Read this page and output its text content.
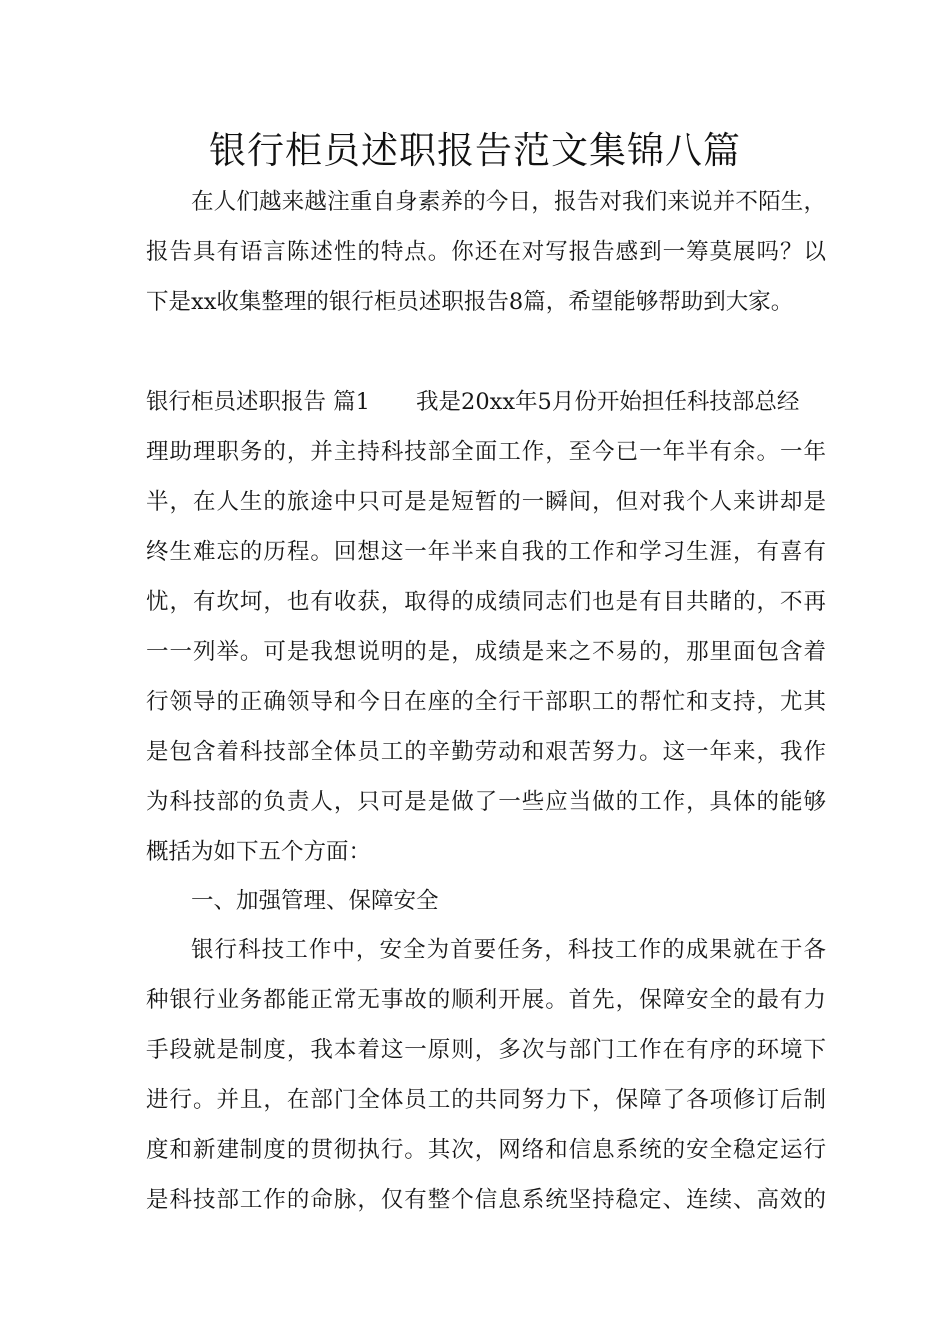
银行柜员述职报告范文集锦八篇
在人们越来越注重自身素养的今日，报告对我们来说并不陌生，
报告具有语言陈述性的特点。你还在对写报告感到一筹莫展吗？以
下是xx收集整理的银行柜员述职报告8篇，希望能够帮助到大家。
银行柜员述职报告 篇1 我是20xx年5月份开始担任科技部总经
理助理职务的，并主持科技部全面工作，至今已一年半有余。一年
半，在人生的旅途中只可是是短暂的一瞬间，但对我个人来讲却是
终生难忘的历程。回想这一年半来自我的工作和学习生涯，有喜有
忧，有坎坷，也有收获，取得的成绩同志们也是有目共睹的，不再
一一列举。可是我想说明的是，成绩是来之不易的，那里面包含着
行领导的正确领导和今日在座的全行干部职工的帮忙和支持，尤其
是包含着科技部全体员工的辛勤劳动和艰苦努力。这一年来，我作
为科技部的负责人，只可是是做了一些应当做的工作，具体的能够
概括为如下五个方面：
一、加强管理、保障安全
银行科技工作中，安全为首要任务，科技工作的成果就在于各
种银行业务都能正常无事故的顺利开展。首先，保障安全的最有力
手段就是制度，我本着这一原则，多次与部门工作在有序的环境下
进行。并且，在部门全体员工的共同努力下，保障了各项修订后制
度和新建制度的贯彻执行。其次，网络和信息系统的安全稳定运行
是科技部工作的命脉，仅有整个信息系统坚持稳定、连续、高效的
